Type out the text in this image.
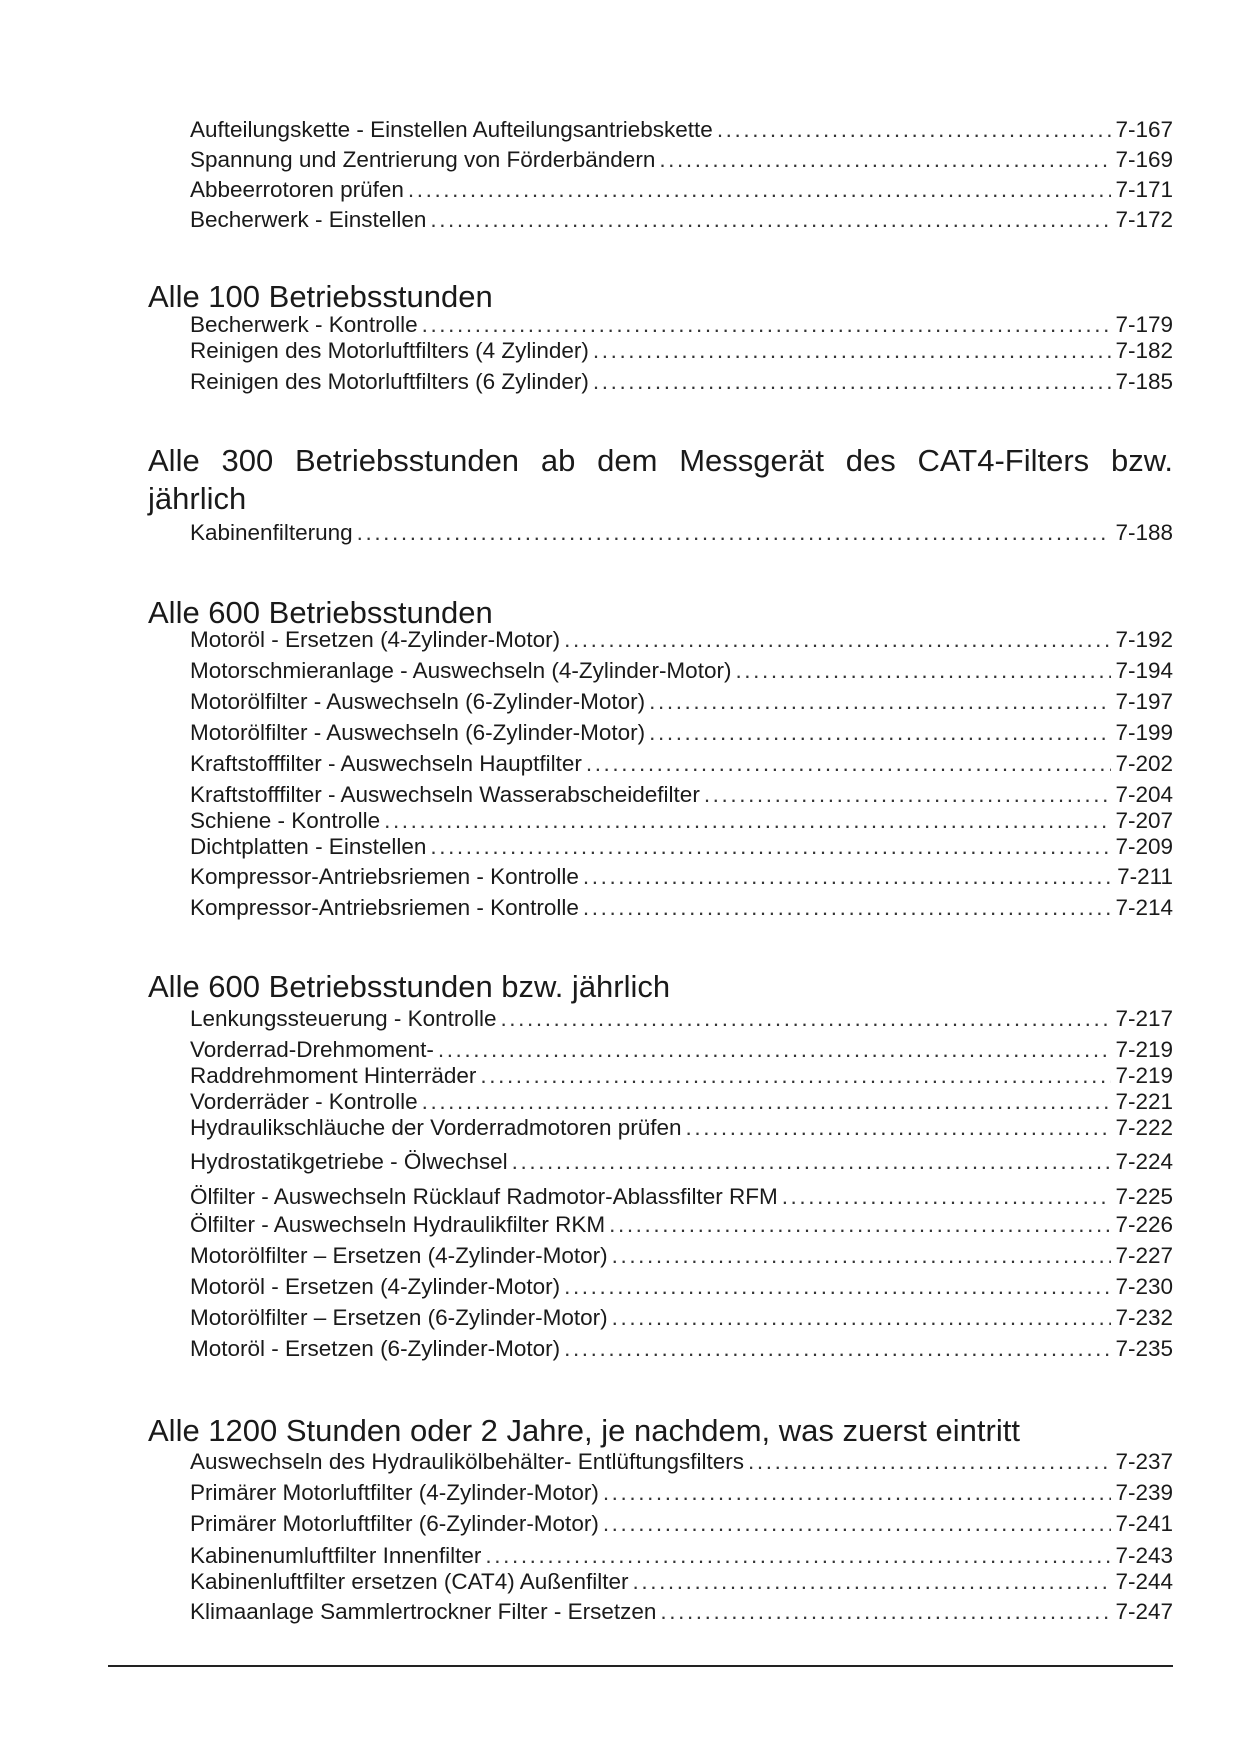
Aufteilungskette - Einstellen Aufteilungsantriebskette .....	7-167
Spannung und Zentrierung von Förderbändern .....	7-169
Abbeerrotoren prüfen .....	7-171
Becherwerk - Einstellen .....	7-172
Alle 100 Betriebsstunden
Becherwerk - Kontrolle .....	7-179
Reinigen des Motorluftfilters (4 Zylinder) .....	7-182
Reinigen des Motorluftfilters (6 Zylinder) .....	7-185
Alle 300 Betriebsstunden ab dem Messgerät des CAT4-Filters bzw. jährlich
Kabinenfilterung .....	7-188
Alle 600 Betriebsstunden
Motoröl - Ersetzen (4-Zylinder-Motor) .....	7-192
Motorschmieranlage - Auswechseln (4-Zylinder-Motor) .....	7-194
Motorölfilter - Auswechseln (6-Zylinder-Motor) .....	7-197
Motorölfilter - Auswechseln (6-Zylinder-Motor) .....	7-199
Kraftstofffilter - Auswechseln Hauptfilter .....	7-202
Kraftstofffilter - Auswechseln Wasserabscheidefilter .....	7-204
Schiene - Kontrolle .....	7-207
Dichtplatten - Einstellen .....	7-209
Kompressor-Antriebsriemen - Kontrolle .....	7-211
Kompressor-Antriebsriemen - Kontrolle .....	7-214
Alle 600 Betriebsstunden bzw. jährlich
Lenkungssteuerung - Kontrolle .....	7-217
Vorderrad-Drehmoment- .....	7-219
Raddrehmoment Hinterräder .....	7-219
Vorderräder - Kontrolle .....	7-221
Hydraulikschläuche der Vorderradmotoren prüfen .....	7-222
Hydrostatikgetriebe - Ölwechsel .....	7-224
Ölfilter - Auswechseln Rücklauf Radmotor-Ablassfilter RFM .....	7-225
Ölfilter - Auswechseln Hydraulikfilter RKM .....	7-226
Motorölfilter – Ersetzen (4-Zylinder-Motor) .....	7-227
Motoröl - Ersetzen (4-Zylinder-Motor) .....	7-230
Motorölfilter – Ersetzen (6-Zylinder-Motor) .....	7-232
Motoröl - Ersetzen (6-Zylinder-Motor) .....	7-235
Alle 1200 Stunden oder 2 Jahre, je nachdem, was zuerst eintritt
Auswechseln des Hydraulikölbehälter- Entlüftungsfilters .....	7-237
Primärer Motorluftfilter (4-Zylinder-Motor) .....	7-239
Primärer Motorluftfilter (6-Zylinder-Motor) .....	7-241
Kabinenumluftfilter Innenfilter .....	7-243
Kabinenluftfilter ersetzen (CAT4) Außenfilter .....	7-244
Klimaanlage Sammlertrockner Filter - Ersetzen .....	7-247
